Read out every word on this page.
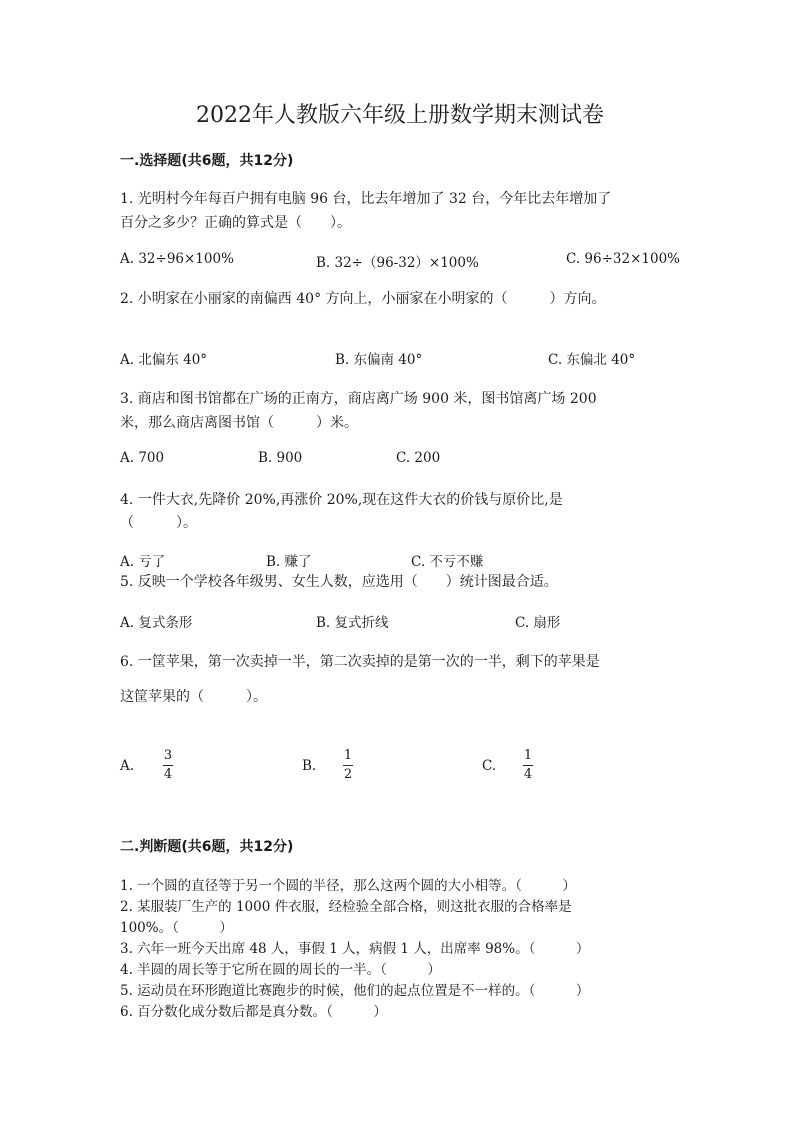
2022年人教版六年级上册数学期末测试卷
一.选择题(共6题，共12分)
1. 光明村今年每百户拥有电脑 96 台，比去年增加了 32 台，今年比去年增加了
百分之多少？正确的算式是（　　）。
A. 32÷96×100%	B. 32÷（96-32）×100%	C. 96÷32×100%
2. 小明家在小丽家的南偏西 40° 方向上，小丽家在小明家的（　　　）方向。
A. 北偏东 40°	B. 东偏南 40°	C. 东偏北 40°
3. 商店和图书馆都在广场的正南方，商店离广场 900 米，图书馆离广场 200
米，那么商店离图书馆（　　　）米。
A. 700	B. 900	C. 200
4. 一件大衣,先降价 20%,再涨价 20%,现在这件大衣的价钱与原价比,是
（　　　）。
A. 亏了	B. 赚了	C. 不亏不赚
5. 反映一个学校各年级男、女生人数，应选用（　　）统计图最合适。
A. 复式条形	B. 复式折线	C. 扇形
6. 一筐苹果，第一次卖掉一半，第二次卖掉的是第一次的一半，剩下的苹果是
这筐苹果的（　　　）。
A.
3
4
B.
1
2
C.
1
4
二.判断题(共6题，共12分)
1. 一个圆的直径等于另一个圆的半径，那么这两个圆的大小相等。（　　　）
2. 某服装厂生产的 1000 件衣服，经检验全部合格，则这批衣服的合格率是
100%。（　　　）
3. 六年一班今天出席 48 人，事假 1 人，病假 1 人，出席率 98%。（　　　）
4. 半圆的周长等于它所在圆的周长的一半。（　　　）
5. 运动员在环形跑道比赛跑步的时候，他们的起点位置是不一样的。（　　　）
6. 百分数化成分数后都是真分数。（　　　）
